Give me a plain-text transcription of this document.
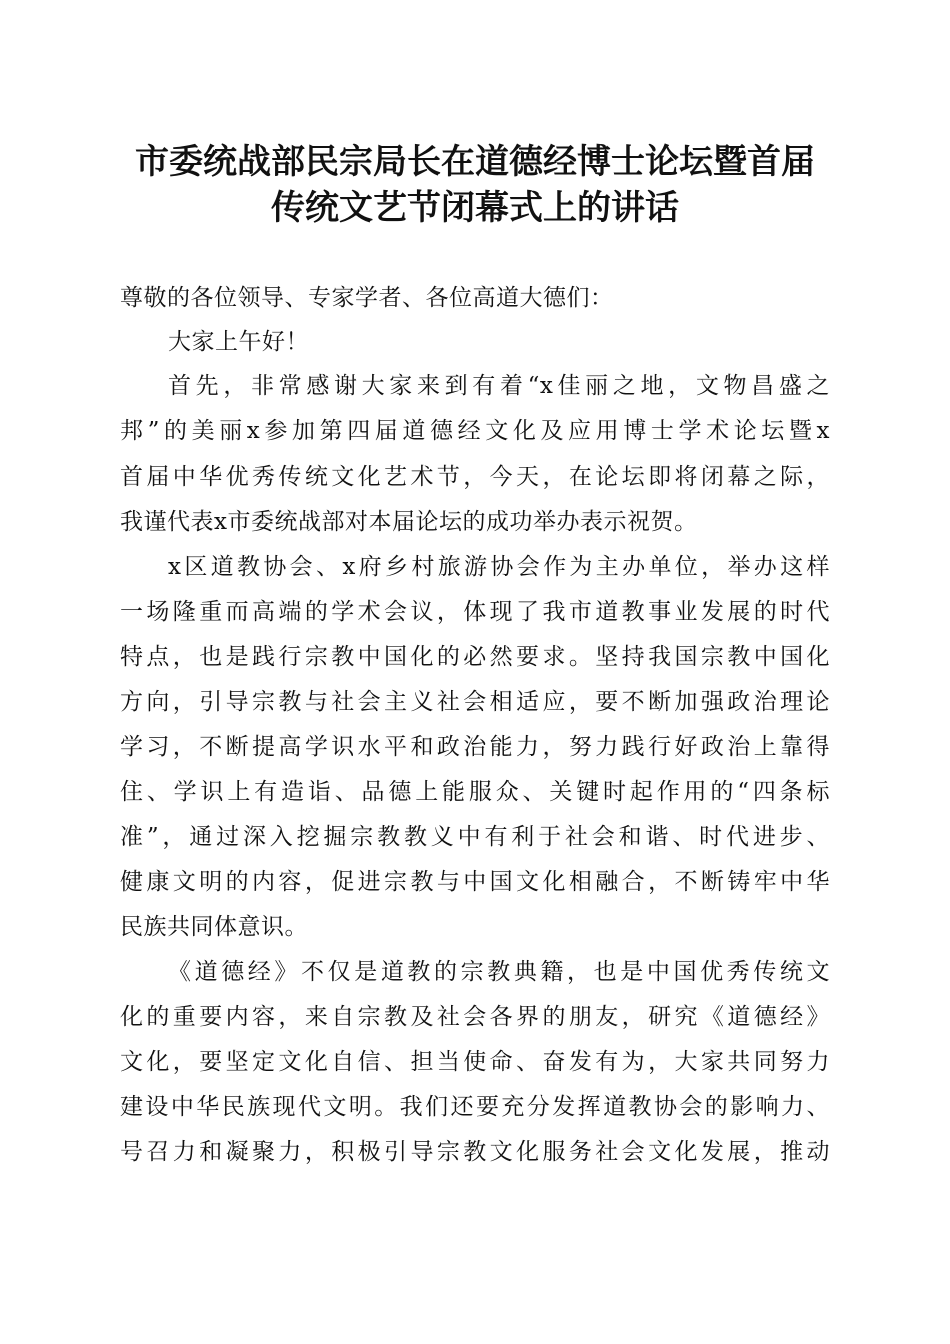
市委统战部民宗局长在道德经博士论坛暨首届
传统文艺节闭幕式上的讲话
尊敬的各位领导、专家学者、各位高道大德们：
大家上午好！
首先，非常感谢大家来到有着“x佳丽之地，文物昌盛之
邦”的美丽x参加第四届道德经文化及应用博士学术论坛暨x
首届中华优秀传统文化艺术节，今天，在论坛即将闭幕之际，
我谨代表x市委统战部对本届论坛的成功举办表示祝贺。
x区道教协会、x府乡村旅游协会作为主办单位，举办这样
一场隆重而高端的学术会议，体现了我市道教事业发展的时代
特点，也是践行宗教中国化的必然要求。坚持我国宗教中国化
方向，引导宗教与社会主义社会相适应，要不断加强政治理论
学习，不断提高学识水平和政治能力，努力践行好政治上靠得
住、学识上有造诣、品德上能服众、关键时起作用的“四条标
准”，通过深入挖掘宗教教义中有利于社会和谐、时代进步、
健康文明的内容，促进宗教与中国文化相融合，不断铸牢中华
民族共同体意识。
《道德经》不仅是道教的宗教典籍，也是中国优秀传统文
化的重要内容，来自宗教及社会各界的朋友，研究《道德经》
文化，要坚定文化自信、担当使命、奋发有为，大家共同努力
建设中华民族现代文明。我们还要充分发挥道教协会的影响力、
号召力和凝聚力，积极引导宗教文化服务社会文化发展，推动
